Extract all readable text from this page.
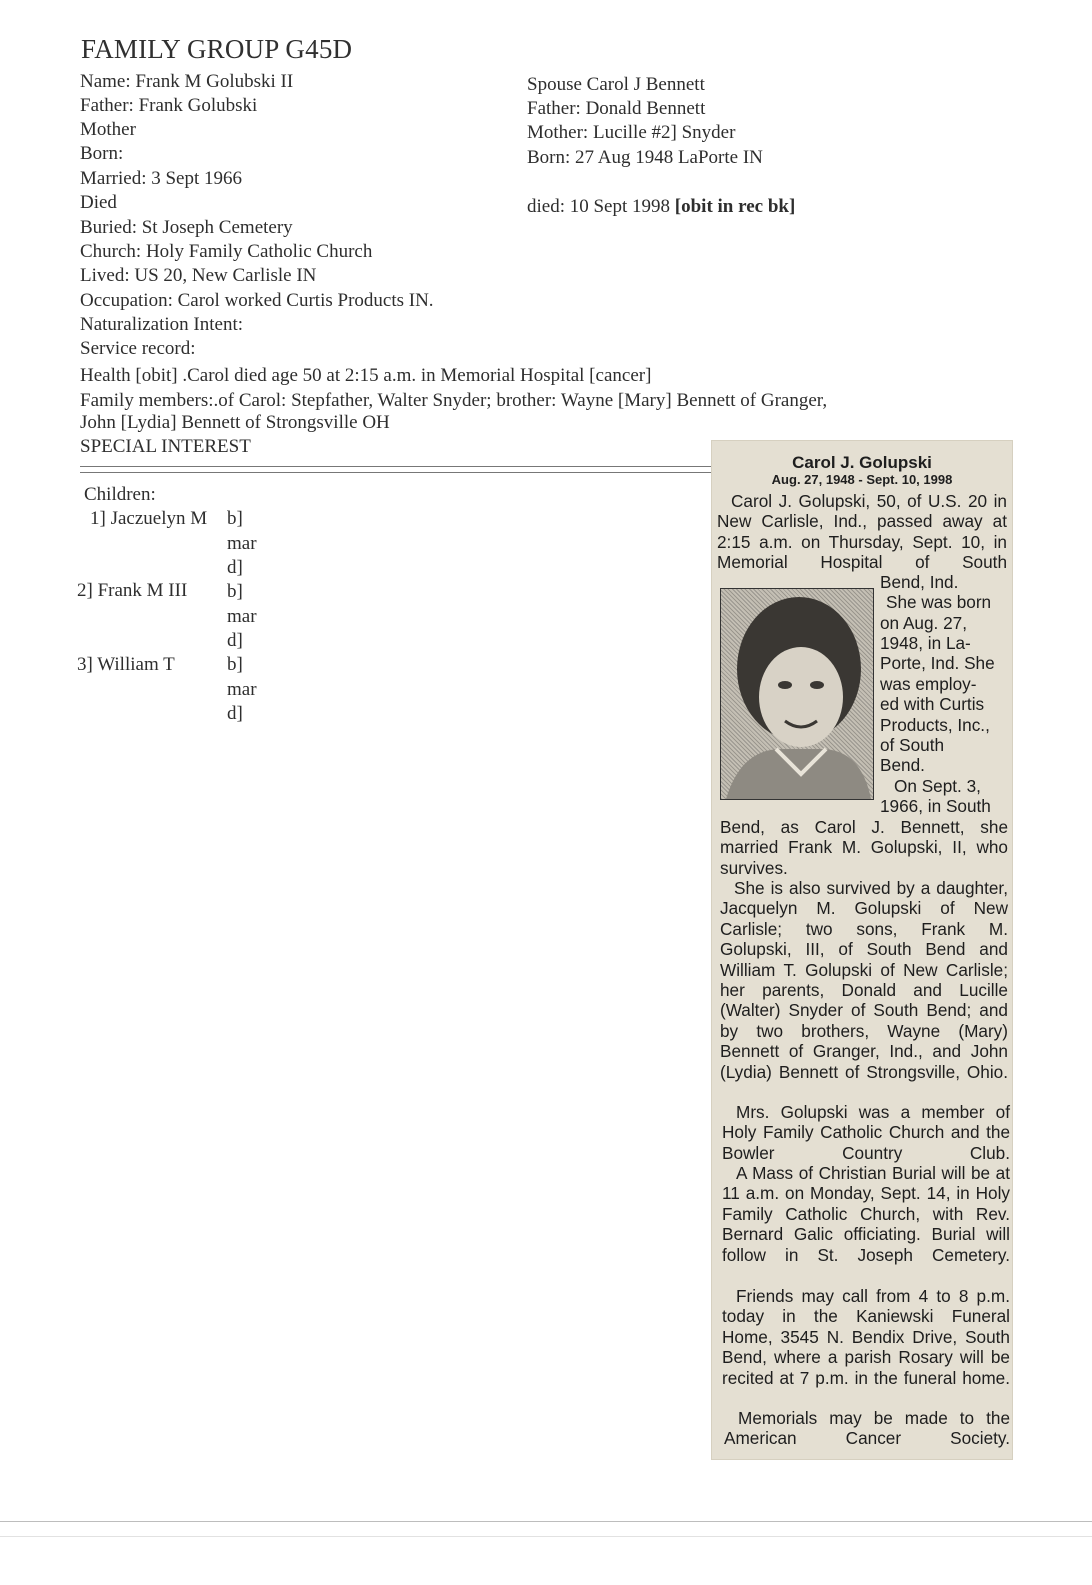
FAMILY GROUP G45D
Name: Frank M Golubski II
Father: Frank Golubski
Mother
Born:
Married: 3 Sept 1966
Died
Buried: St Joseph Cemetery
Church: Holy Family Catholic Church
Lived: US 20, New Carlisle IN
Occupation: Carol worked Curtis Products IN.
Naturalization Intent:
Service record:
Health [obit] .Carol died age 50 at 2:15 a.m. in Memorial Hospital [cancer]
Family members:.of Carol: Stepfather, Walter Snyder; brother: Wayne [Mary] Bennett of Granger,
John [Lydia] Bennett of Strongsville OH
SPECIAL INTEREST
Spouse Carol J Bennett
Father: Donald Bennett
Mother: Lucille #2] Snyder
Born: 27 Aug 1948 LaPorte IN
died: 10 Sept 1998 [obit in rec bk]
Children:
1] Jaczuelyn M b]
mar
d]
2] Frank M III b]
mar
d]
3] William T	b]
mar
d]
Carol J. Golupski
Aug. 27, 1948 - Sept. 10, 1998
Carol J. Golupski, 50, of U.S. 20 in New Carlisle, Ind., passed away at 2:15 a.m. on Thursday, Sept. 10, in Memorial Hospital of South
Bend, Ind.
She was born
on Aug. 27,
1948, in La-
Porte, Ind. She
was employ-
ed with Curtis
Products, Inc.,
of South
Bend.
On Sept. 3,
1966, in South
Bend, as Carol J. Bennett, she married Frank M. Golupski, II, who survives.
She is also survived by a daughter, Jacquelyn M. Golupski of New Carlisle; two sons, Frank M. Golupski, III, of South Bend and William T. Golupski of New Carlisle; her parents, Donald and Lucille (Walter) Snyder of South Bend; and by two brothers, Wayne (Mary) Bennett of Granger, Ind., and John (Lydia) Bennett of Strongsville, Ohio.
Mrs. Golupski was a member of Holy Family Catholic Church and the Bowler Country Club.
A Mass of Christian Burial will be at 11 a.m. on Monday, Sept. 14, in Holy Family Catholic Church, with Rev. Bernard Galic officiating. Burial will follow in St. Joseph Cemetery.
Friends may call from 4 to 8 p.m. today in the Kaniewski Funeral Home, 3545 N. Bendix Drive, South Bend, where a parish Rosary will be recited at 7 p.m. in the funeral home.
Memorials may be made to the American Cancer Society.
